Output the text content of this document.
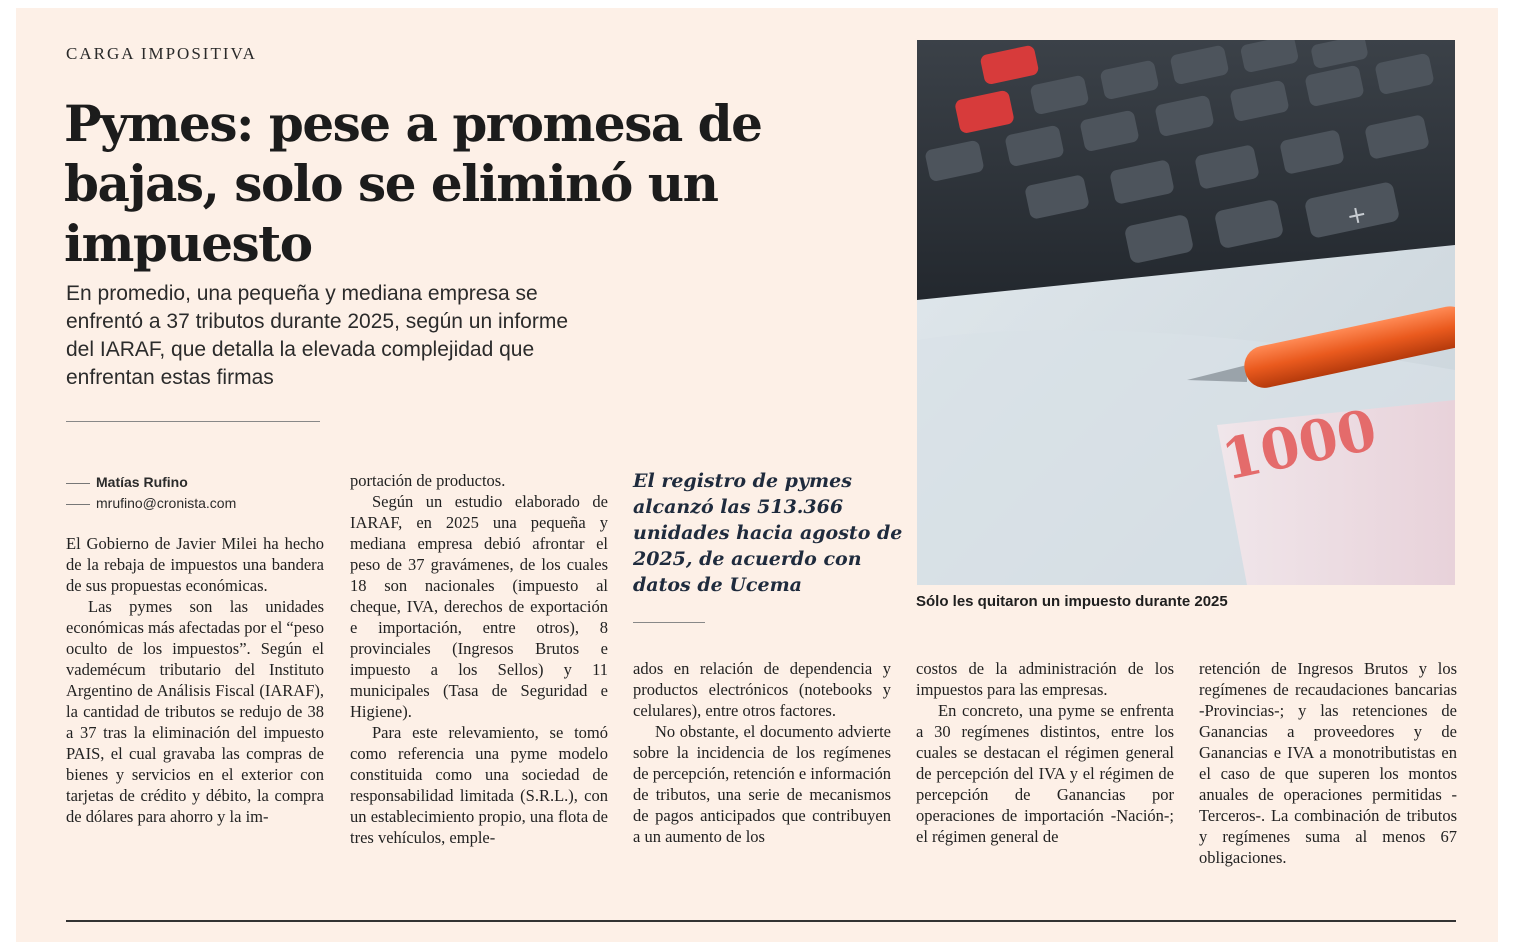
CARGA IMPOSITIVA
Pymes: pese a promesa de bajas, solo se eliminó un impuesto

En promedio, una pequeña y mediana empresa se enfrentó a 37 tributos durante 2025, según un informe del IARAF, que detalla la elevada complejidad que enfrentan estas firmas

Matías Rufino
mrufino@cronista.com

El Gobierno de Javier Milei ha hecho de la rebaja de impuestos una bandera de sus propuestas económicas.

Las pymes son las unidades económicas más afectadas por el “peso oculto de los impuestos”. Según el vademécum tributario del Instituto Argentino de Análisis Fiscal (IARAF), la cantidad de tributos se redujo de 38 a 37 tras la eliminación del impuesto PAIS, el cual gravaba las compras de bienes y servicios en el exterior con tarjetas de crédito y débito, la compra de dólares para ahorro y la im-

portación de productos.

Según un estudio elaborado de IARAF, en 2025 una pequeña y mediana empresa debió afrontar el peso de 37 gravámenes, de los cuales 18 son nacionales (impuesto al cheque, IVA, derechos de exportación e importación, entre otros), 8 provinciales (Ingresos Brutos e impuesto a los Sellos) y 11 municipales (Tasa de Seguridad e Higiene).

Para este relevamiento, se tomó como referencia una pyme modelo constituida como una sociedad de responsabilidad limitada (S.R.L.), con un establecimiento propio, una flota de tres vehículos, emple-

El registro de pymes alcanzó las 513.366 unidades hacia agosto de 2025, de acuerdo con datos de Ucema

ados en relación de dependencia y productos electrónicos (notebooks y celulares), entre otros factores.

No obstante, el documento advierte sobre la incidencia de los regímenes de percepción, retención e información de tributos, una serie de mecanismos de pagos anticipados que contribuyen a un aumento de los

costos de la administración de los impuestos para las empresas.

En concreto, una pyme se enfrenta a 30 regímenes distintos, entre los cuales se destacan el régimen general de percepción del IVA y el régimen de percepción de Ganancias por operaciones de importación -Nación-; el régimen general de

retención de Ingresos Brutos y los regímenes de recaudaciones bancarias -Provincias-; y las retenciones de Ganancias a proveedores y de Ganancias e IVA a monotributistas en el caso de que superen los montos anuales de operaciones permitidas -Terceros-. La combinación de tributos y regímenes suma al menos 67 obligaciones.

+
1000
Sólo les quitaron un impuesto durante 2025
